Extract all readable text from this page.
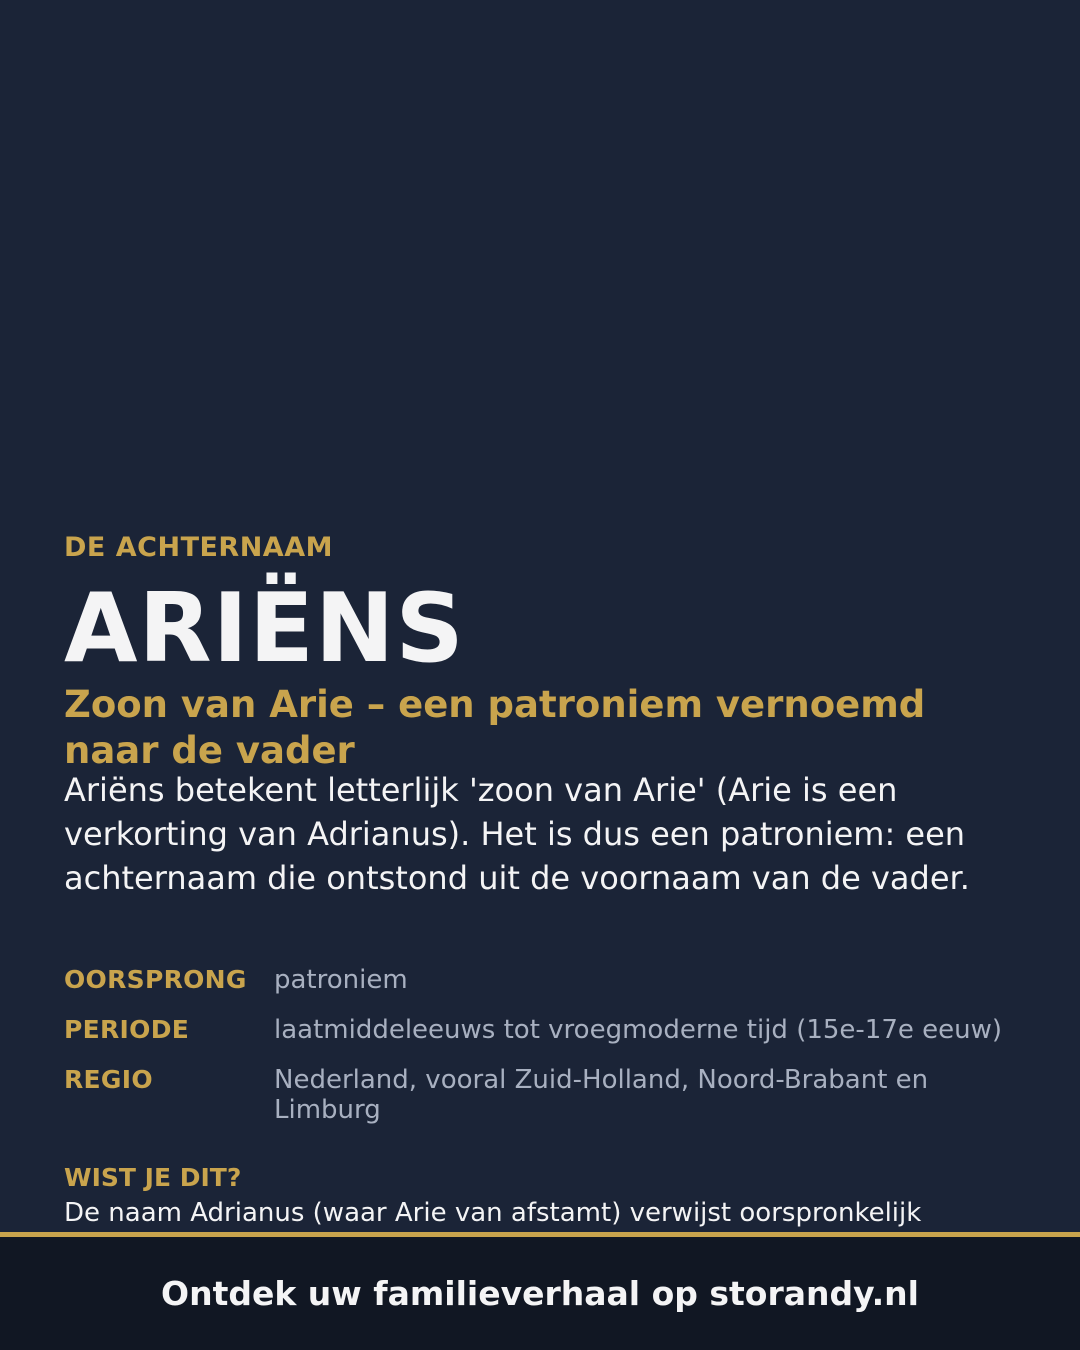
DE ACHTERNAAM
ARIËNS
Zoon van Arie – een patroniem vernoemd naar de vader
Ariëns betekent letterlijk 'zoon van Arie' (Arie is een verkorting van Adrianus). Het is dus een patroniem: een achternaam die ontstond uit de voornaam van de vader.
OORSPRONG	patroniem
PERIODE	laatmiddeleeuws tot vroegmoderne tijd (15e-17e eeuw)
REGIO	Nederland, vooral Zuid-Holland, Noord-Brabant en Limburg
WIST JE DIT?
De naam Adrianus (waar Arie van afstamt) verwijst oorspronkelijk
Ontdek uw familieverhaal op storandy.nl
